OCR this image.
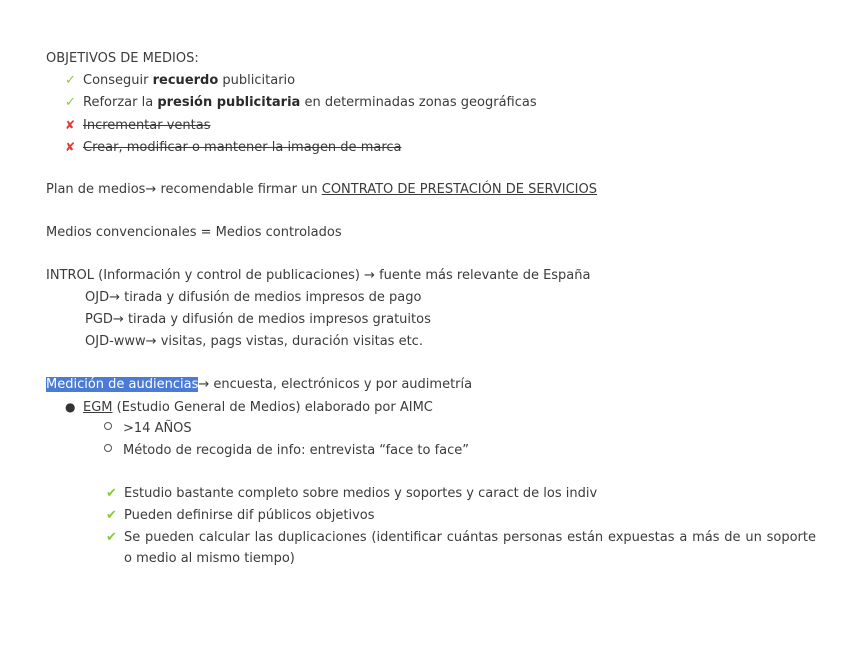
OBJETIVOS DE MEDIOS:
✓ Conseguir recuerdo publicitario
✓ Reforzar la presión publicitaria en determinadas zonas geográficas
✘ Incrementar ventas
✘ Crear, modificar o mantener la imagen de marca
Plan de medios→ recomendable firmar un CONTRATO DE PRESTACIÓN DE SERVICIOS
Medios convencionales = Medios controlados
INTROL (Información y control de publicaciones) → fuente más relevante de España
OJD→ tirada y difusión de medios impresos de pago
PGD→ tirada y difusión de medios impresos gratuitos
OJD-www→ visitas, pags vistas, duración visitas etc.
Medición de audiencias→ encuesta, electrónicos y por audimetría
● EGM (Estudio General de Medios) elaborado por AIMC
>14 AÑOS
Método de recogida de info: entrevista “face to face”
✔ Estudio bastante completo sobre medios y soportes y caract de los indiv
✔ Pueden definirse dif públicos objetivos
✔ Se pueden calcular las duplicaciones (identificar cuántas personas están expuestas a más de un soporte o medio al mismo tiempo)
